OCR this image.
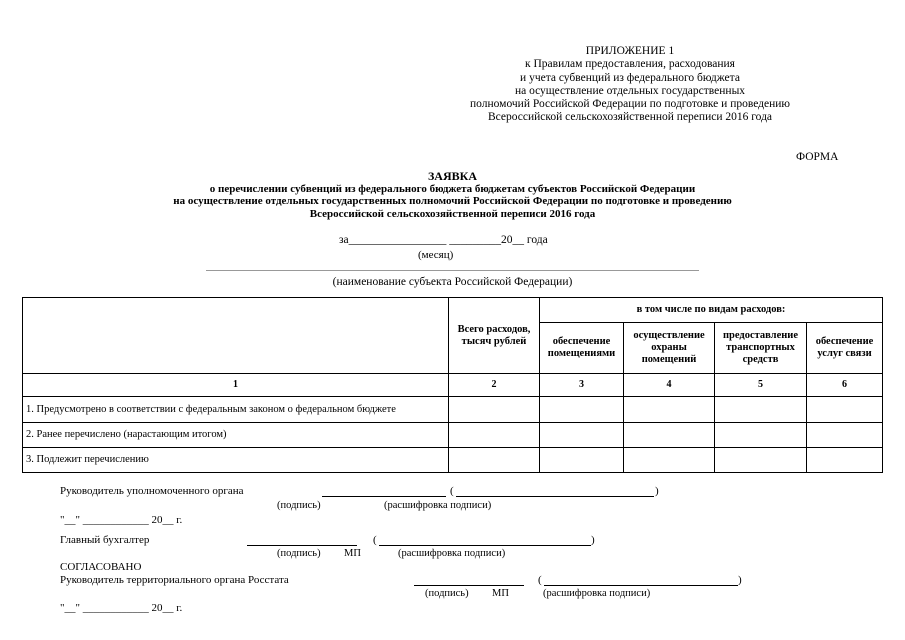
ПРИЛОЖЕНИЕ 1
к Правилам предоставления, расходования
и учета субвенций из федерального бюджета
на осуществление отдельных государственных
полномочий Российской Федерации по подготовке и проведению
Всероссийской сельскохозяйственной переписи 2016 года
ФОРМА
ЗАЯВКА
о перечислении субвенций из федерального бюджета бюджетам субъектов Российской Федерации
на осуществление отдельных государственных полномочий Российской Федерации по подготовке и проведению
Всероссийской сельскохозяйственной переписи 2016 года
за_________________ _________20__ года
(месяц)
(наименование субъекта Российской Федерации)
	Всего расходов, тысяч рублей	в том числе по видам расходов:			
		обеспечение помещениями	осуществление охраны помещений	предоставление транспортных средств	обеспечение услуг связи
1	2	3	4	5	6
1. Предусмотрено в соответствии с федеральным законом о федеральном бюджете					
2. Ранее перечислено (нарастающим итогом)					
3. Подлежит перечислению					
Руководитель уполномоченного органа	(	)
(подпись)	(расшифровка подписи)
"__" ____________ 20__ г.
Главный бухгалтер	(	)
(подпись) МП	(расшифровка подписи)
СОГЛАСОВАНО
Руководитель территориального органа Росстата	(	)
(подпись) МП	(расшифровка подписи)
"__" ____________ 20__ г.
